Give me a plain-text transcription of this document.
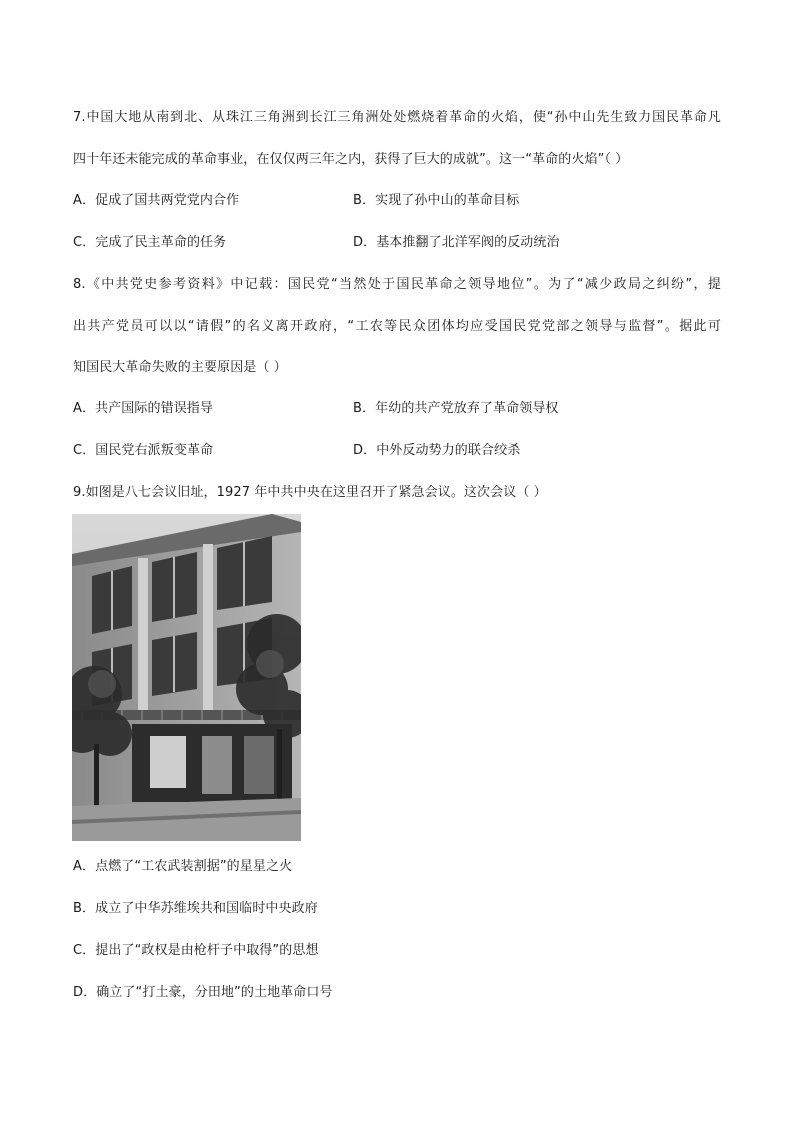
7.中国大地从南到北、从珠江三角洲到长江三角洲处处燃烧着革命的火焰，使“孙中山先生致力国民革命凡
四十年还未能完成的革命事业，在仅仅两三年之内，获得了巨大的成就”。这一“革命的火焰”（ ）
A．促成了国共两党党内合作	B．实现了孙中山的革命目标
C．完成了民主革命的任务	D．基本推翻了北洋军阀的反动统治
8.《中共党史参考资料》中记载：国民党“当然处于国民革命之领导地位”。为了“减少政局之纠纷”，提
出共产党员可以以“请假”的名义离开政府，“工农等民众团体均应受国民党党部之领导与监督”。据此可
知国民大革命失败的主要原因是（ ）
A．共产国际的错误指导	B．年幼的共产党放弃了革命领导权
C．国民党右派叛变革命	D．中外反动势力的联合绞杀
9.如图是八七会议旧址，1927 年中共中央在这里召开了紧急会议。这次会议（ ）
A．点燃了“工农武装割据”的星星之火
B．成立了中华苏维埃共和国临时中央政府
C．提出了“政权是由枪杆子中取得”的思想
D．确立了“打土豪，分田地”的土地革命口号
